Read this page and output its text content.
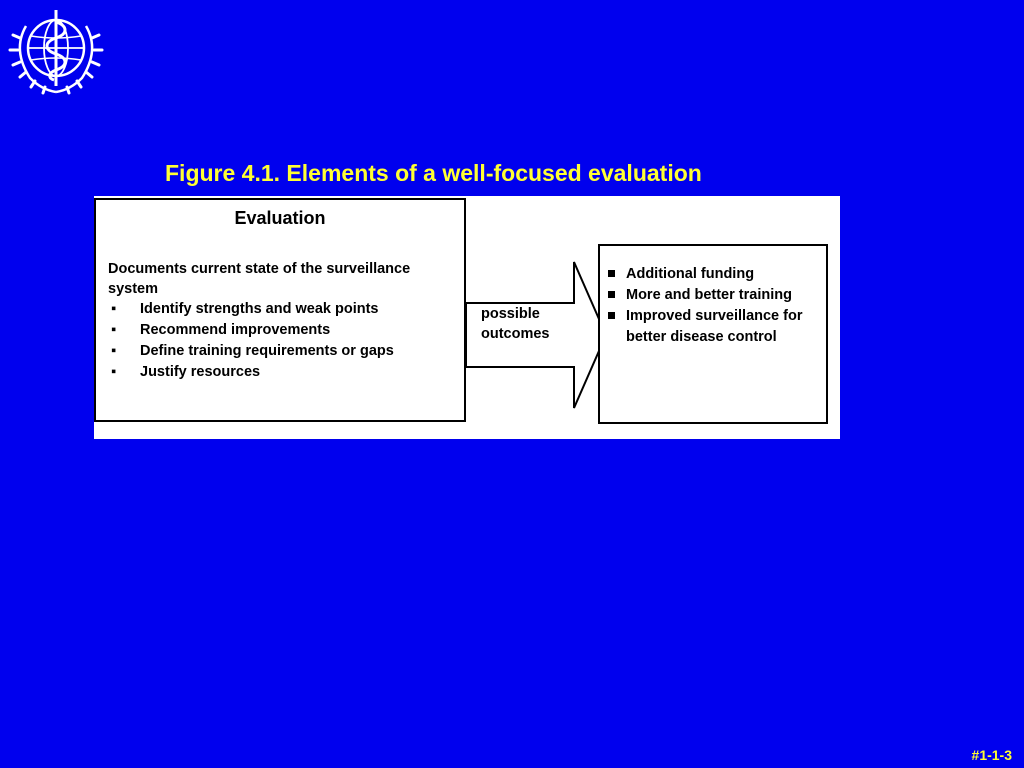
Figure 4.1. Elements of a well-focused evaluation
Evaluation
Documents current state of the surveillance system
▪ Identify strengths and weak points
▪ Recommend improvements
▪ Define training requirements or gaps
▪ Justify resources
possible outcomes
Additional funding
More and better training
Improved surveillance for better disease control
#1-1-3
